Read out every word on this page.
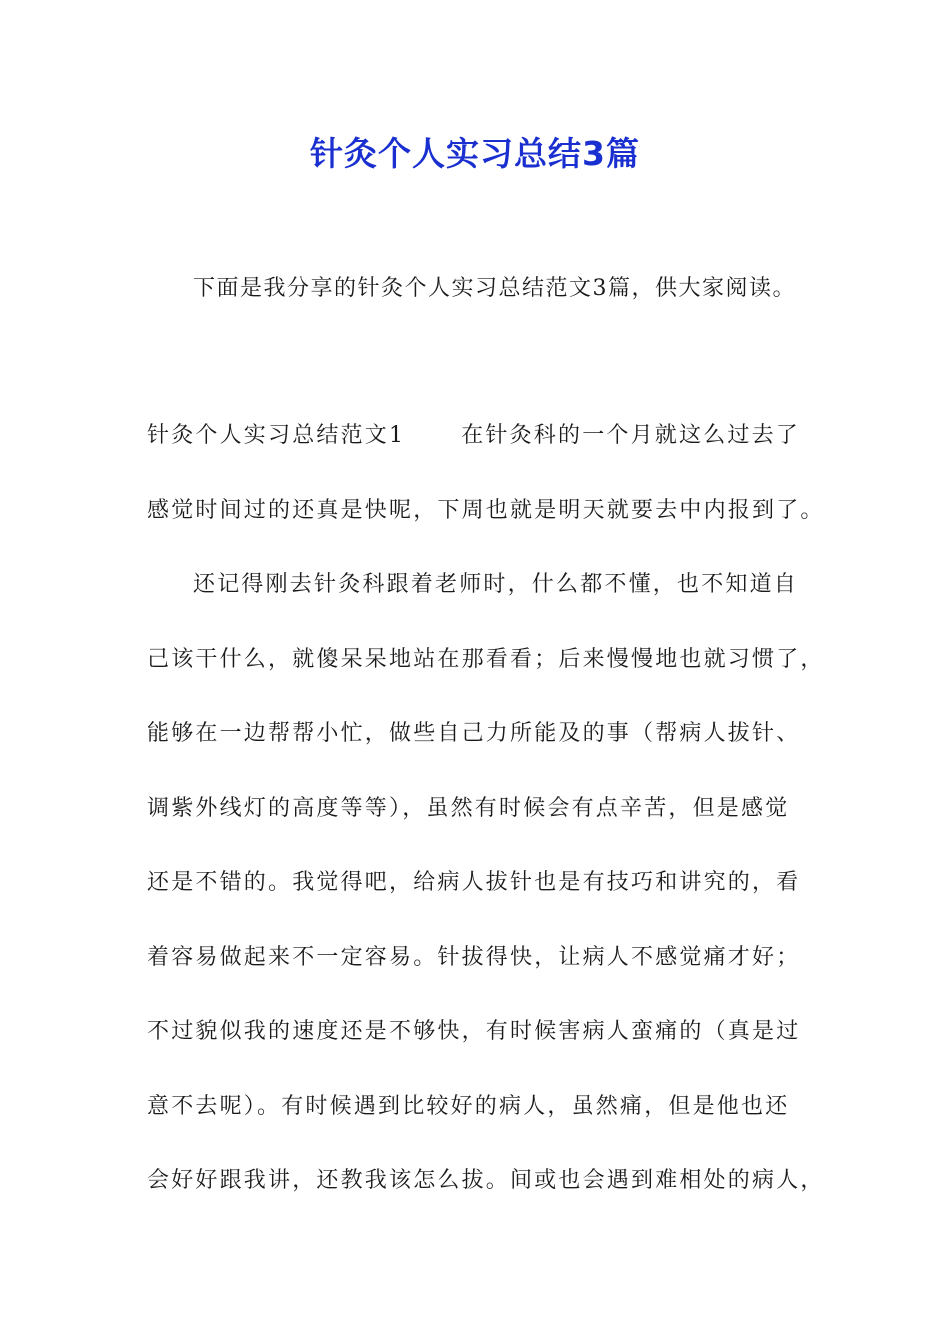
针灸个人实习总结3篇

下面是我分享的针灸个人实习总结范文3篇，供大家阅读。

针灸个人实习总结范文1	在针灸科的一个月就这么过去了

感觉时间过的还真是快呢，下周也就是明天就要去中内报到了。

还记得刚去针灸科跟着老师时，什么都不懂，也不知道自

己该干什么，就傻呆呆地站在那看看；后来慢慢地也就习惯了，

能够在一边帮帮小忙，做些自己力所能及的事（帮病人拔针、

调紫外线灯的高度等等），虽然有时候会有点辛苦，但是感觉

还是不错的。我觉得吧，给病人拔针也是有技巧和讲究的，看

着容易做起来不一定容易。针拔得快，让病人不感觉痛才好；

不过貌似我的速度还是不够快，有时候害病人蛮痛的（真是过

意不去呢）。有时候遇到比较好的病人，虽然痛，但是他也还

会好好跟我讲，还教我该怎么拔。间或也会遇到难相处的病人，
